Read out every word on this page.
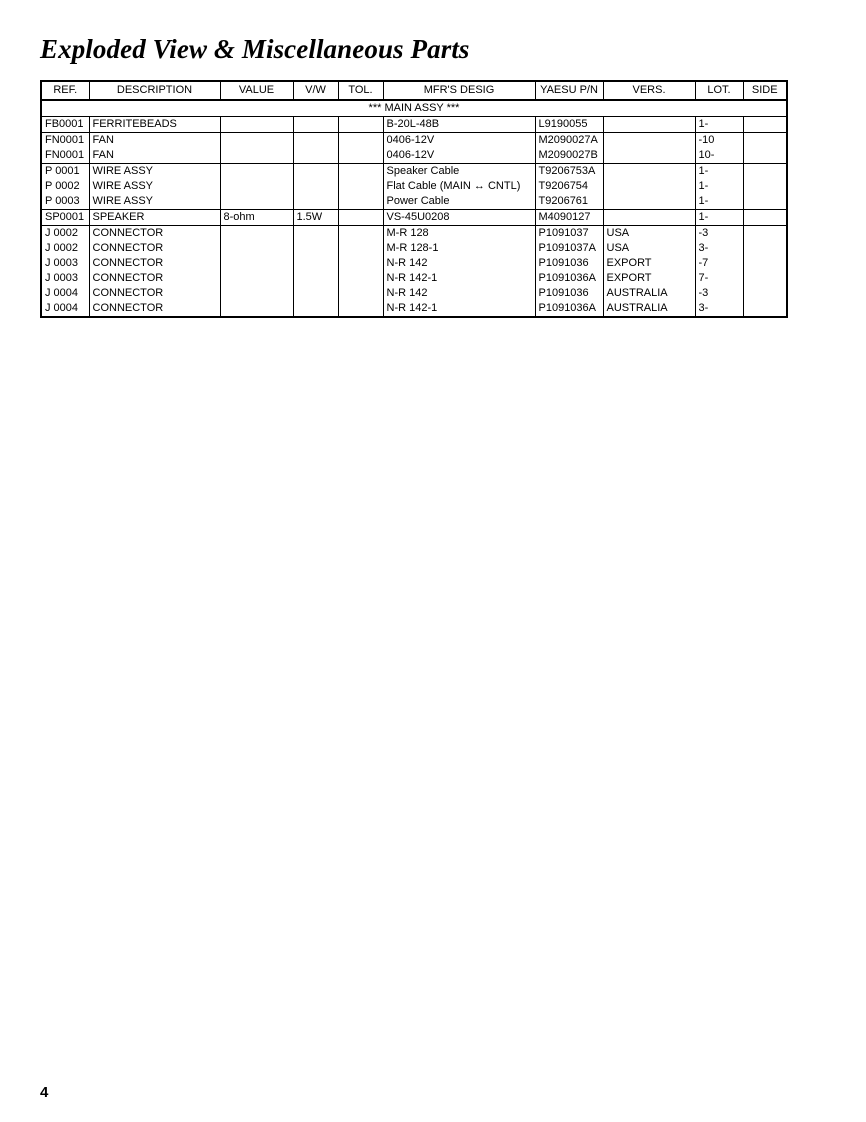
Exploded View & Miscellaneous Parts
REF.	DESCRIPTION	VALUE	V/W	TOL.	MFR'S DESIG	YAESU P/N	VERS.	LOT.	SIDE
*** MAIN ASSY ***									
FB0001	FERRITEBEADS				B-20L-48B	L9190055		1-	
FN0001	FAN				0406-12V	M2090027A		-10	
FN0001	FAN				0406-12V	M2090027B		10-	
P 0001	WIRE ASSY				Speaker Cable	T9206753A		1-	
P 0002	WIRE ASSY				Flat Cable (MAIN ↔ CNTL)	T9206754		1-	
P 0003	WIRE ASSY				Power Cable	T9206761		1-	
SP0001	SPEAKER	8-ohm	1.5W		VS-45U0208	M4090127		1-	
J 0002	CONNECTOR				M-R 128	P1091037	USA	-3	
J 0002	CONNECTOR				M-R 128-1	P1091037A	USA	3-	
J 0003	CONNECTOR				N-R 142	P1091036	EXPORT	-7	
J 0003	CONNECTOR				N-R 142-1	P1091036A	EXPORT	7-	
J 0004	CONNECTOR				N-R 142	P1091036	AUSTRALIA	-3	
J 0004	CONNECTOR				N-R 142-1	P1091036A	AUSTRALIA	3-	
4
